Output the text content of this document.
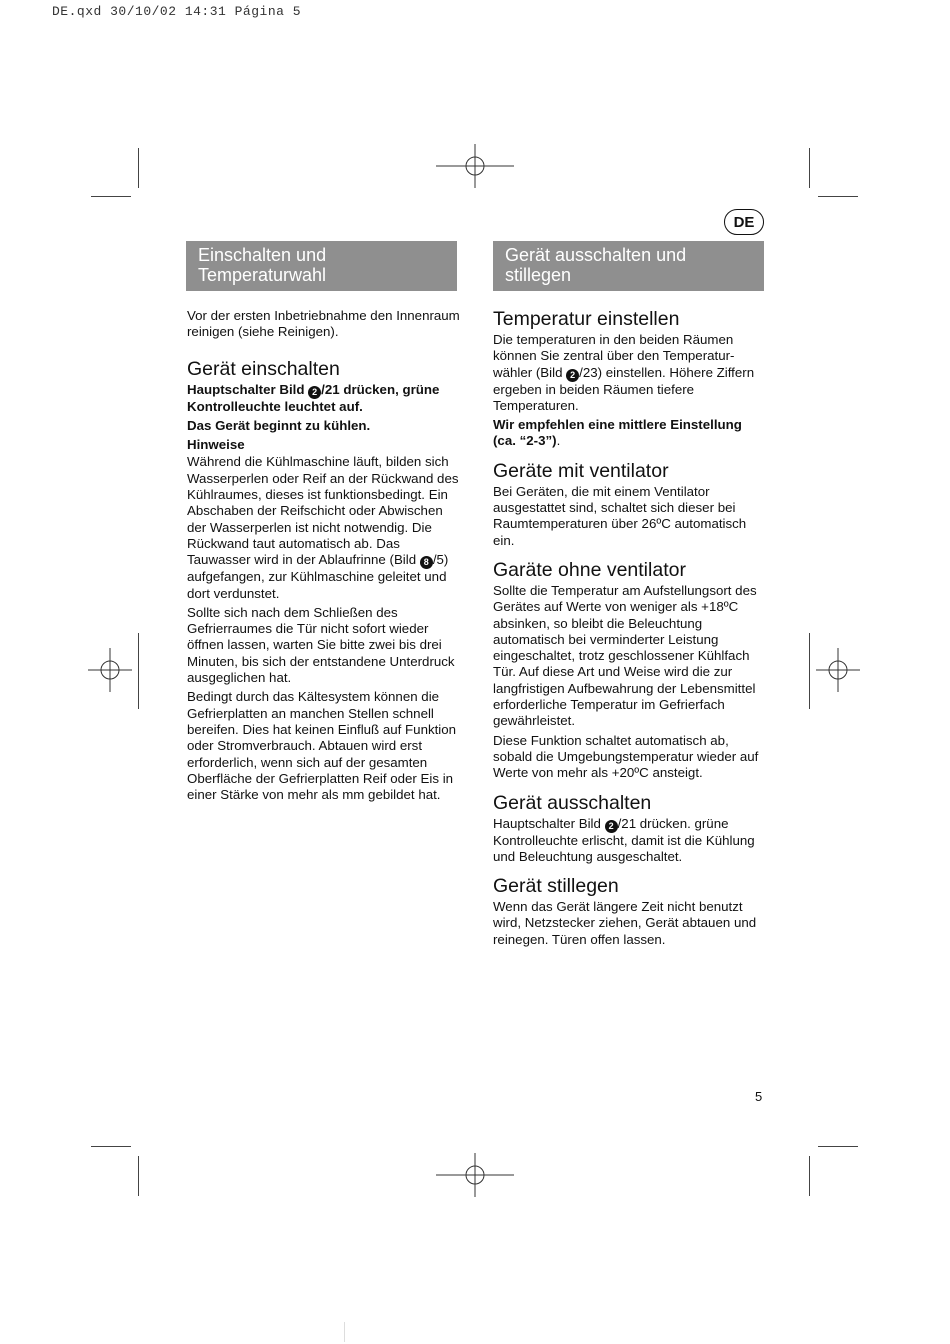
DE.qxd 30/10/02 14:31 Página 5
DE
Einschalten und
Temperaturwahl
Gerät ausschalten und
stillegen

Vor der ersten Inbetriebnahme den Innenraum reinigen (siehe Reinigen).

Gerät einschalten

Hauptschalter Bild 2 /21 drücken, grüne Kontrolleuchte leuchtet auf.

Das Gerät beginnt zu kühlen.

Hinweise

Während die Kühlmaschine läuft, bilden sich Wasserperlen oder Reif an der Rückwand des Kühlraumes, dieses ist funktionsbedingt. Ein Abschaben der Reifschicht oder Abwischen der Wasserperlen ist nicht notwendig. Die Rückwand taut automatisch ab. Das Tauwasser wird in der Ablaufrinne (Bild 8 /5) aufgefangen, zur Kühlmaschine geleitet und dort verdunstet.

Sollte sich nach dem Schließen des Gefrierraumes die Tür nicht sofort wieder öffnen lassen, warten Sie bitte zwei bis drei Minuten, bis sich der entstandene Unterdruck ausgeglichen hat.

Bedingt durch das Kältesystem können die Gefrierplatten an manchen Stellen schnell bereifen. Dies hat keinen Einfluß auf Funktion oder Stromverbrauch. Abtauen wird erst erforderlich, wenn sich auf der gesamten Oberfläche der Gefrierplatten Reif oder Eis in einer Stärke von mehr als mm gebildet hat.

Temperatur einstellen

Die temperaturen in den beiden Räumen können Sie zentral über den Temperatur-wähler (Bild 2 /23) einstellen. Höhere Ziffern ergeben in beiden Räumen tiefere Temperaturen.

Wir empfehlen eine mittlere Einstellung (ca. “2-3”).

Geräte mit ventilator

Bei Geräten, die mit einem Ventilator ausgestattet sind, schaltet sich dieser bei Raumtemperaturen über 26ºC automatisch ein.

Garäte ohne ventilator

Sollte die Temperatur am Aufstellungsort des Gerätes auf Werte von weniger als +18ºC absinken, so bleibt die Beleuchtung automatisch bei verminderter Leistung eingeschaltet, trotz geschlossener Kühlfach Tür. Auf diese Art und Weise wird die zur langfristigen Aufbewahrung der Lebensmittel erforderliche Temperatur im Gefrierfach gewährleistet.

Diese Funktion schaltet automatisch ab, sobald die Umgebungstemperatur wieder auf Werte von mehr als +20ºC ansteigt.

Gerät ausschalten

Hauptschalter Bild 2 /21 drücken. grüne Kontrolleuchte erlischt, damit ist die Kühlung und Beleuchtung ausgeschaltet.

Gerät stillegen

Wenn das Gerät längere Zeit nicht benutzt wird, Netzstecker ziehen, Gerät abtauen und reinegen. Türen offen lassen.

5
